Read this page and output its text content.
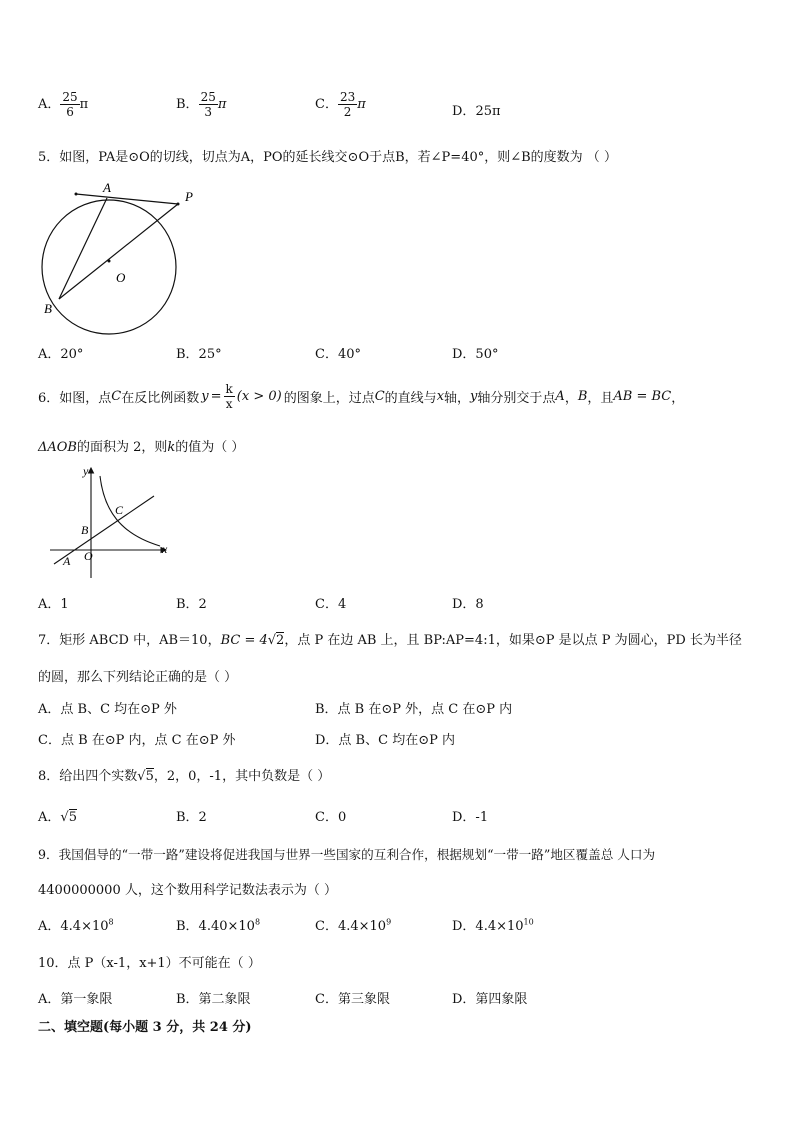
A． $\frac{25}{6}$ π	B． $\frac{25}{3}$ π	C． $\frac{23}{2}$ π	D．25π
5．如图，PA是⊙O的切线，切点为A，PO的延长线交⊙O于点B，若∠P=40°，则∠B的度数为 （ ）
A
P
O
B
A．20°	B．25°	C．40°	D．50°
6．如图，点 C 在反比例函数 $y = \frac{k}{x} (x > 0)$ 的图象上，过点 C 的直线与 x 轴， y 轴分别交于点 A ， B ，且 AB = BC ，
ΔAOB的面积为 2，则k的值为（ ）
y
x
C
B
O
A
A．1	B．2	C．4	D．8
7．矩形 ABCD 中，AB＝10，BC = 4√2，点 P 在边 AB 上，且 BP:AP=4:1，如果⊙P 是以点 P 为圆心，PD 长为半径
的圆，那么下列结论正确的是（ ）
A．点 B、C 均在⊙P 外	B．点 B 在⊙P 外，点 C 在⊙P 内
C．点 B 在⊙P 内，点 C 在⊙P 外	D．点 B、C 均在⊙P 内
8．给出四个实数√5，2，0，-1，其中负数是（ ）
A．√5	B．2	C．0	D．-1
9．我国倡导的“一带一路”建设将促进我国与世界一些国家的互利合作，根据规划“一带一路”地区覆盖总 人口为
4400000000 人，这个数用科学记数法表示为（ ）
A．$4.4\times 10^8$	B．$4.40\times 10^8$	C．$4.4\times 10^9$	D．$4.4\times 10^{10}$
10．点 P（x-1，x+1）不可能在（ ）
A．第一象限	B．第二象限	C．第三象限	D．第四象限
二、填空题(每小题 3 分，共 24 分)
